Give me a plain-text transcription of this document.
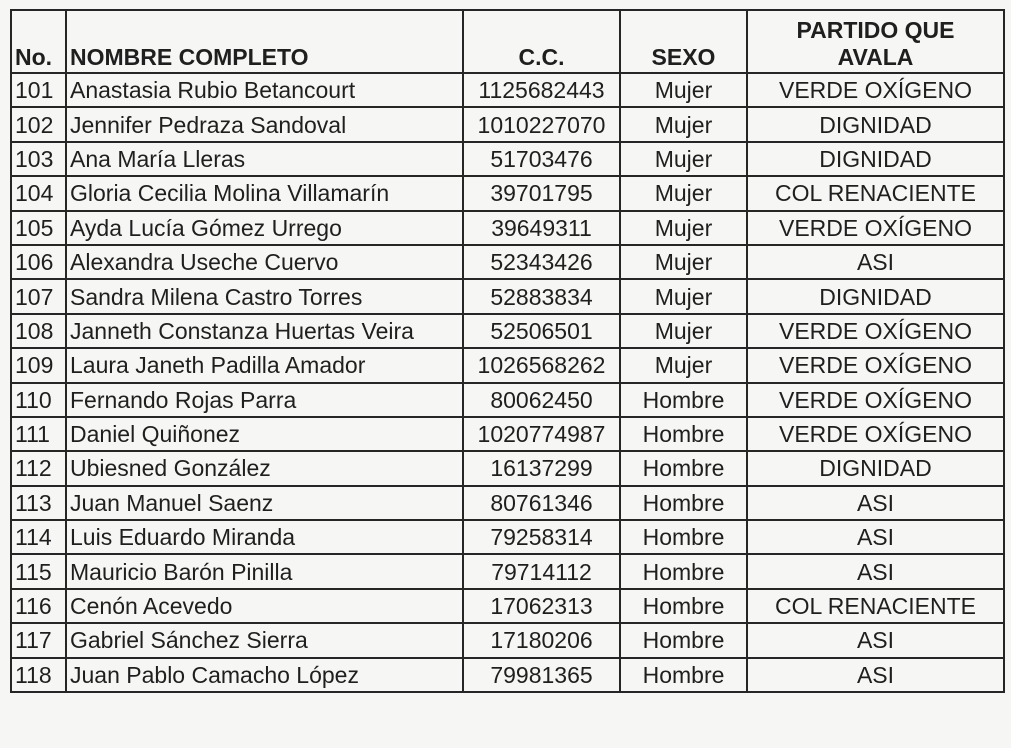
No.	NOMBRE COMPLETO	C.C.	SEXO	PARTIDO QUE
AVALA
101	Anastasia Rubio Betancourt	1125682443	Mujer	VERDE OXÍGENO
102	Jennifer Pedraza Sandoval	1010227070	Mujer	DIGNIDAD
103	Ana María Lleras	51703476	Mujer	DIGNIDAD
104	Gloria Cecilia Molina Villamarín	39701795	Mujer	COL RENACIENTE
105	Ayda Lucía Gómez Urrego	39649311	Mujer	VERDE OXÍGENO
106	Alexandra Useche Cuervo	52343426	Mujer	ASI
107	Sandra Milena Castro Torres	52883834	Mujer	DIGNIDAD
108	Janneth Constanza Huertas Veira	52506501	Mujer	VERDE OXÍGENO
109	Laura Janeth Padilla Amador	1026568262	Mujer	VERDE OXÍGENO
110	Fernando Rojas Parra	80062450	Hombre	VERDE OXÍGENO
111	Daniel Quiñonez	1020774987	Hombre	VERDE OXÍGENO
112	Ubiesned González	16137299	Hombre	DIGNIDAD
113	Juan Manuel Saenz	80761346	Hombre	ASI
114	Luis Eduardo Miranda	79258314	Hombre	ASI
115	Mauricio Barón Pinilla	79714112	Hombre	ASI
116	Cenón Acevedo	17062313	Hombre	COL RENACIENTE
117	Gabriel Sánchez Sierra	17180206	Hombre	ASI
118	Juan Pablo Camacho López	79981365	Hombre	ASI
